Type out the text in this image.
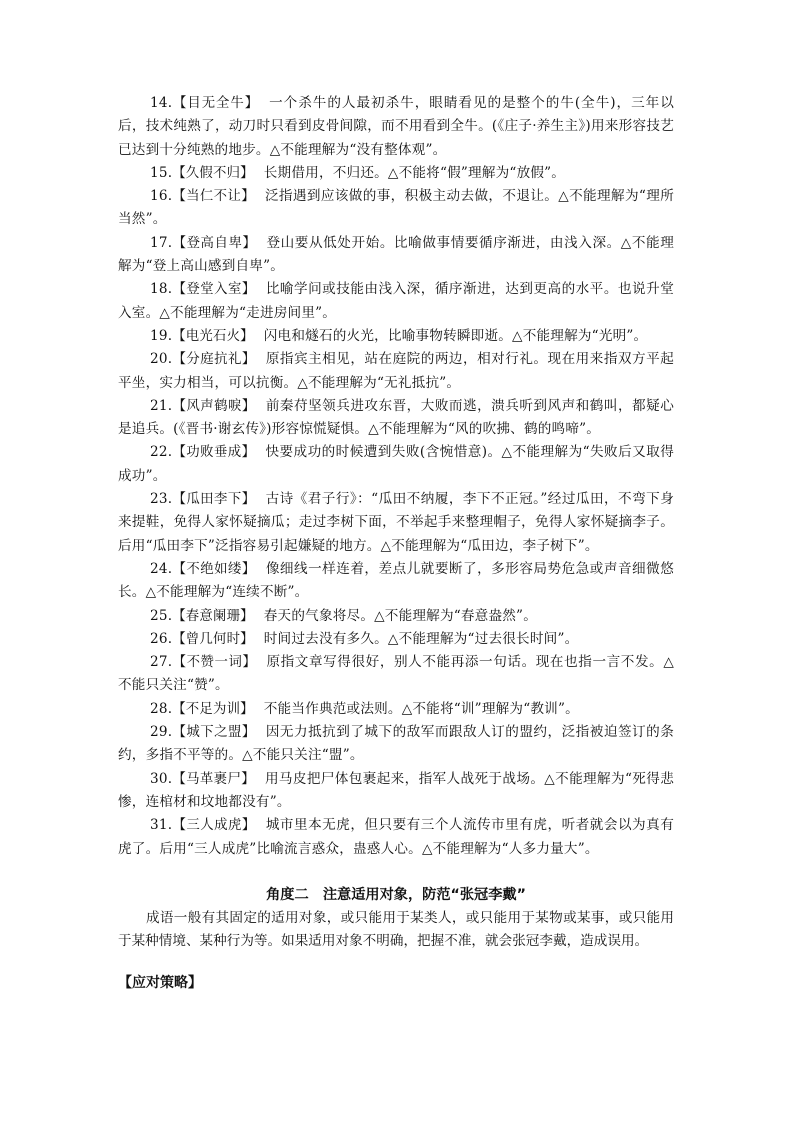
14.【目无全牛】 一个杀牛的人最初杀牛，眼睛看见的是整个的牛(全牛)，三年以后，技术纯熟了，动刀时只看到皮骨间隙，而不用看到全牛。(《庄子·养生主》)用来形容技艺已达到十分纯熟的地步。△不能理解为“没有整体观”。

15.【久假不归】 长期借用，不归还。△不能将“假”理解为“放假”。

16.【当仁不让】 泛指遇到应该做的事，积极主动去做，不退让。△不能理解为“理所当然”。

17.【登高自卑】 登山要从低处开始。比喻做事情要循序渐进，由浅入深。△不能理解为“登上高山感到自卑”。

18.【登堂入室】 比喻学问或技能由浅入深，循序渐进，达到更高的水平。也说升堂入室。△不能理解为“走进房间里”。

19.【电光石火】 闪电和燧石的火光，比喻事物转瞬即逝。△不能理解为“光明”。

20.【分庭抗礼】 原指宾主相见，站在庭院的两边，相对行礼。现在用来指双方平起平坐，实力相当，可以抗衡。△不能理解为“无礼抵抗”。

21.【风声鹤唳】 前秦苻坚领兵进攻东晋，大败而逃，溃兵听到风声和鹤叫，都疑心是追兵。(《晋书·谢玄传》)形容惊慌疑惧。△不能理解为“风的吹拂、鹤的鸣啼”。

22.【功败垂成】 快要成功的时候遭到失败(含惋惜意)。△不能理解为“失败后又取得成功”。

23.【瓜田李下】 古诗《君子行》：“瓜田不纳履，李下不正冠。”经过瓜田，不弯下身来提鞋，免得人家怀疑摘瓜；走过李树下面，不举起手来整理帽子，免得人家怀疑摘李子。后用“瓜田李下”泛指容易引起嫌疑的地方。△不能理解为“瓜田边，李子树下”。

24.【不绝如缕】 像细线一样连着，差点儿就要断了，多形容局势危急或声音细微悠长。△不能理解为“连续不断”。

25.【春意阑珊】 春天的气象将尽。△不能理解为“春意盎然”。

26.【曾几何时】 时间过去没有多久。△不能理解为“过去很长时间”。

27.【不赞一词】 原指文章写得很好，别人不能再添一句话。现在也指一言不发。△不能只关注“赞”。

28.【不足为训】 不能当作典范或法则。△不能将“训”理解为“教训”。

29.【城下之盟】 因无力抵抗到了城下的敌军而跟敌人订的盟约，泛指被迫签订的条约，多指不平等的。△不能只关注“盟”。

30.【马革裹尸】 用马皮把尸体包裹起来，指军人战死于战场。△不能理解为“死得悲惨，连棺材和坟地都没有”。

31.【三人成虎】 城市里本无虎，但只要有三个人流传市里有虎，听者就会以为真有虎了。后用“三人成虎”比喻流言惑众，蛊惑人心。△不能理解为“人多力量大”。

角度二　注意适用对象，防范“张冠李戴”

成语一般有其固定的适用对象，或只能用于某类人，或只能用于某物或某事，或只能用于某种情境、某种行为等。如果适用对象不明确，把握不准，就会张冠李戴，造成误用。

【应对策略】
